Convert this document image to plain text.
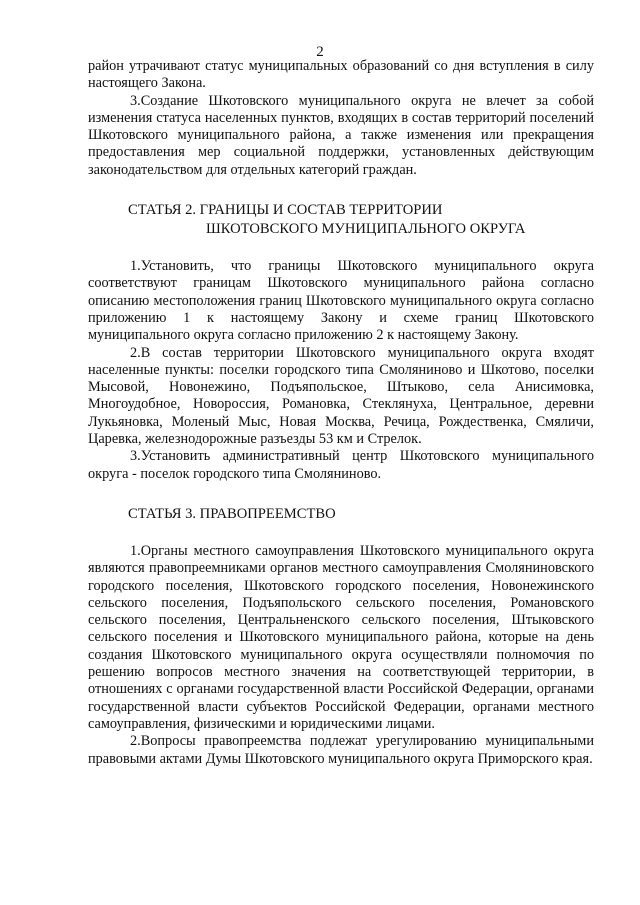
2

район утрачивают статус муниципальных образований со дня вступления в силу настоящего Закона.

3.Создание Шкотовского муниципального округа не влечет за собой изменения статуса населенных пунктов, входящих в состав территорий поселений Шкотовского муниципального района, а также изменения или прекращения предоставления мер социальной поддержки, установленных действующим законодательством для отдельных категорий граждан.

СТАТЬЯ 2. ГРАНИЦЫ И СОСТАВ ТЕРРИТОРИИ
ШКОТОВСКОГО МУНИЦИПАЛЬНОГО ОКРУГА

1.Установить, что границы Шкотовского муниципального округа соответствуют границам Шкотовского муниципального района согласно описанию местоположения границ Шкотовского муниципального округа согласно приложению 1 к настоящему Закону и схеме границ Шкотовского муниципального округа согласно приложению 2 к настоящему Закону.

2.В состав территории Шкотовского муниципального округа входят населенные пункты: поселки городского типа Смоляниново и Шкотово, поселки Мысовой, Новонежино, Подъяпольское, Штыково, села Анисимовка, Многоудобное, Новороссия, Романовка, Стеклянуха, Центральное, деревни Лукьяновка, Моленый Мыс, Новая Москва, Речица, Рождественка, Смяличи, Царевка, железнодорожные разъезды 53 км и Стрелок.

3.Установить административный центр Шкотовского муниципального округа - поселок городского типа Смоляниново.

СТАТЬЯ 3. ПРАВОПРЕЕМСТВО

1.Органы местного самоуправления Шкотовского муниципального округа являются правопреемниками органов местного самоуправления Смоляниновского городского поселения, Шкотовского городского поселения, Новонежинского сельского поселения, Подъяпольского сельского поселения, Романовского сельского поселения, Центральненского сельского поселения, Штыковского сельского поселения и Шкотовского муниципального района, которые на день создания Шкотовского муниципального округа осуществляли полномочия по решению вопросов местного значения на соответствующей территории, в отношениях с органами государственной власти Российской Федерации, органами государственной власти субъектов Российской Федерации, органами местного самоуправления, физическими и юридическими лицами.

2.Вопросы правопреемства подлежат урегулированию муниципальными правовыми актами Думы Шкотовского муниципального округа Приморского края.
